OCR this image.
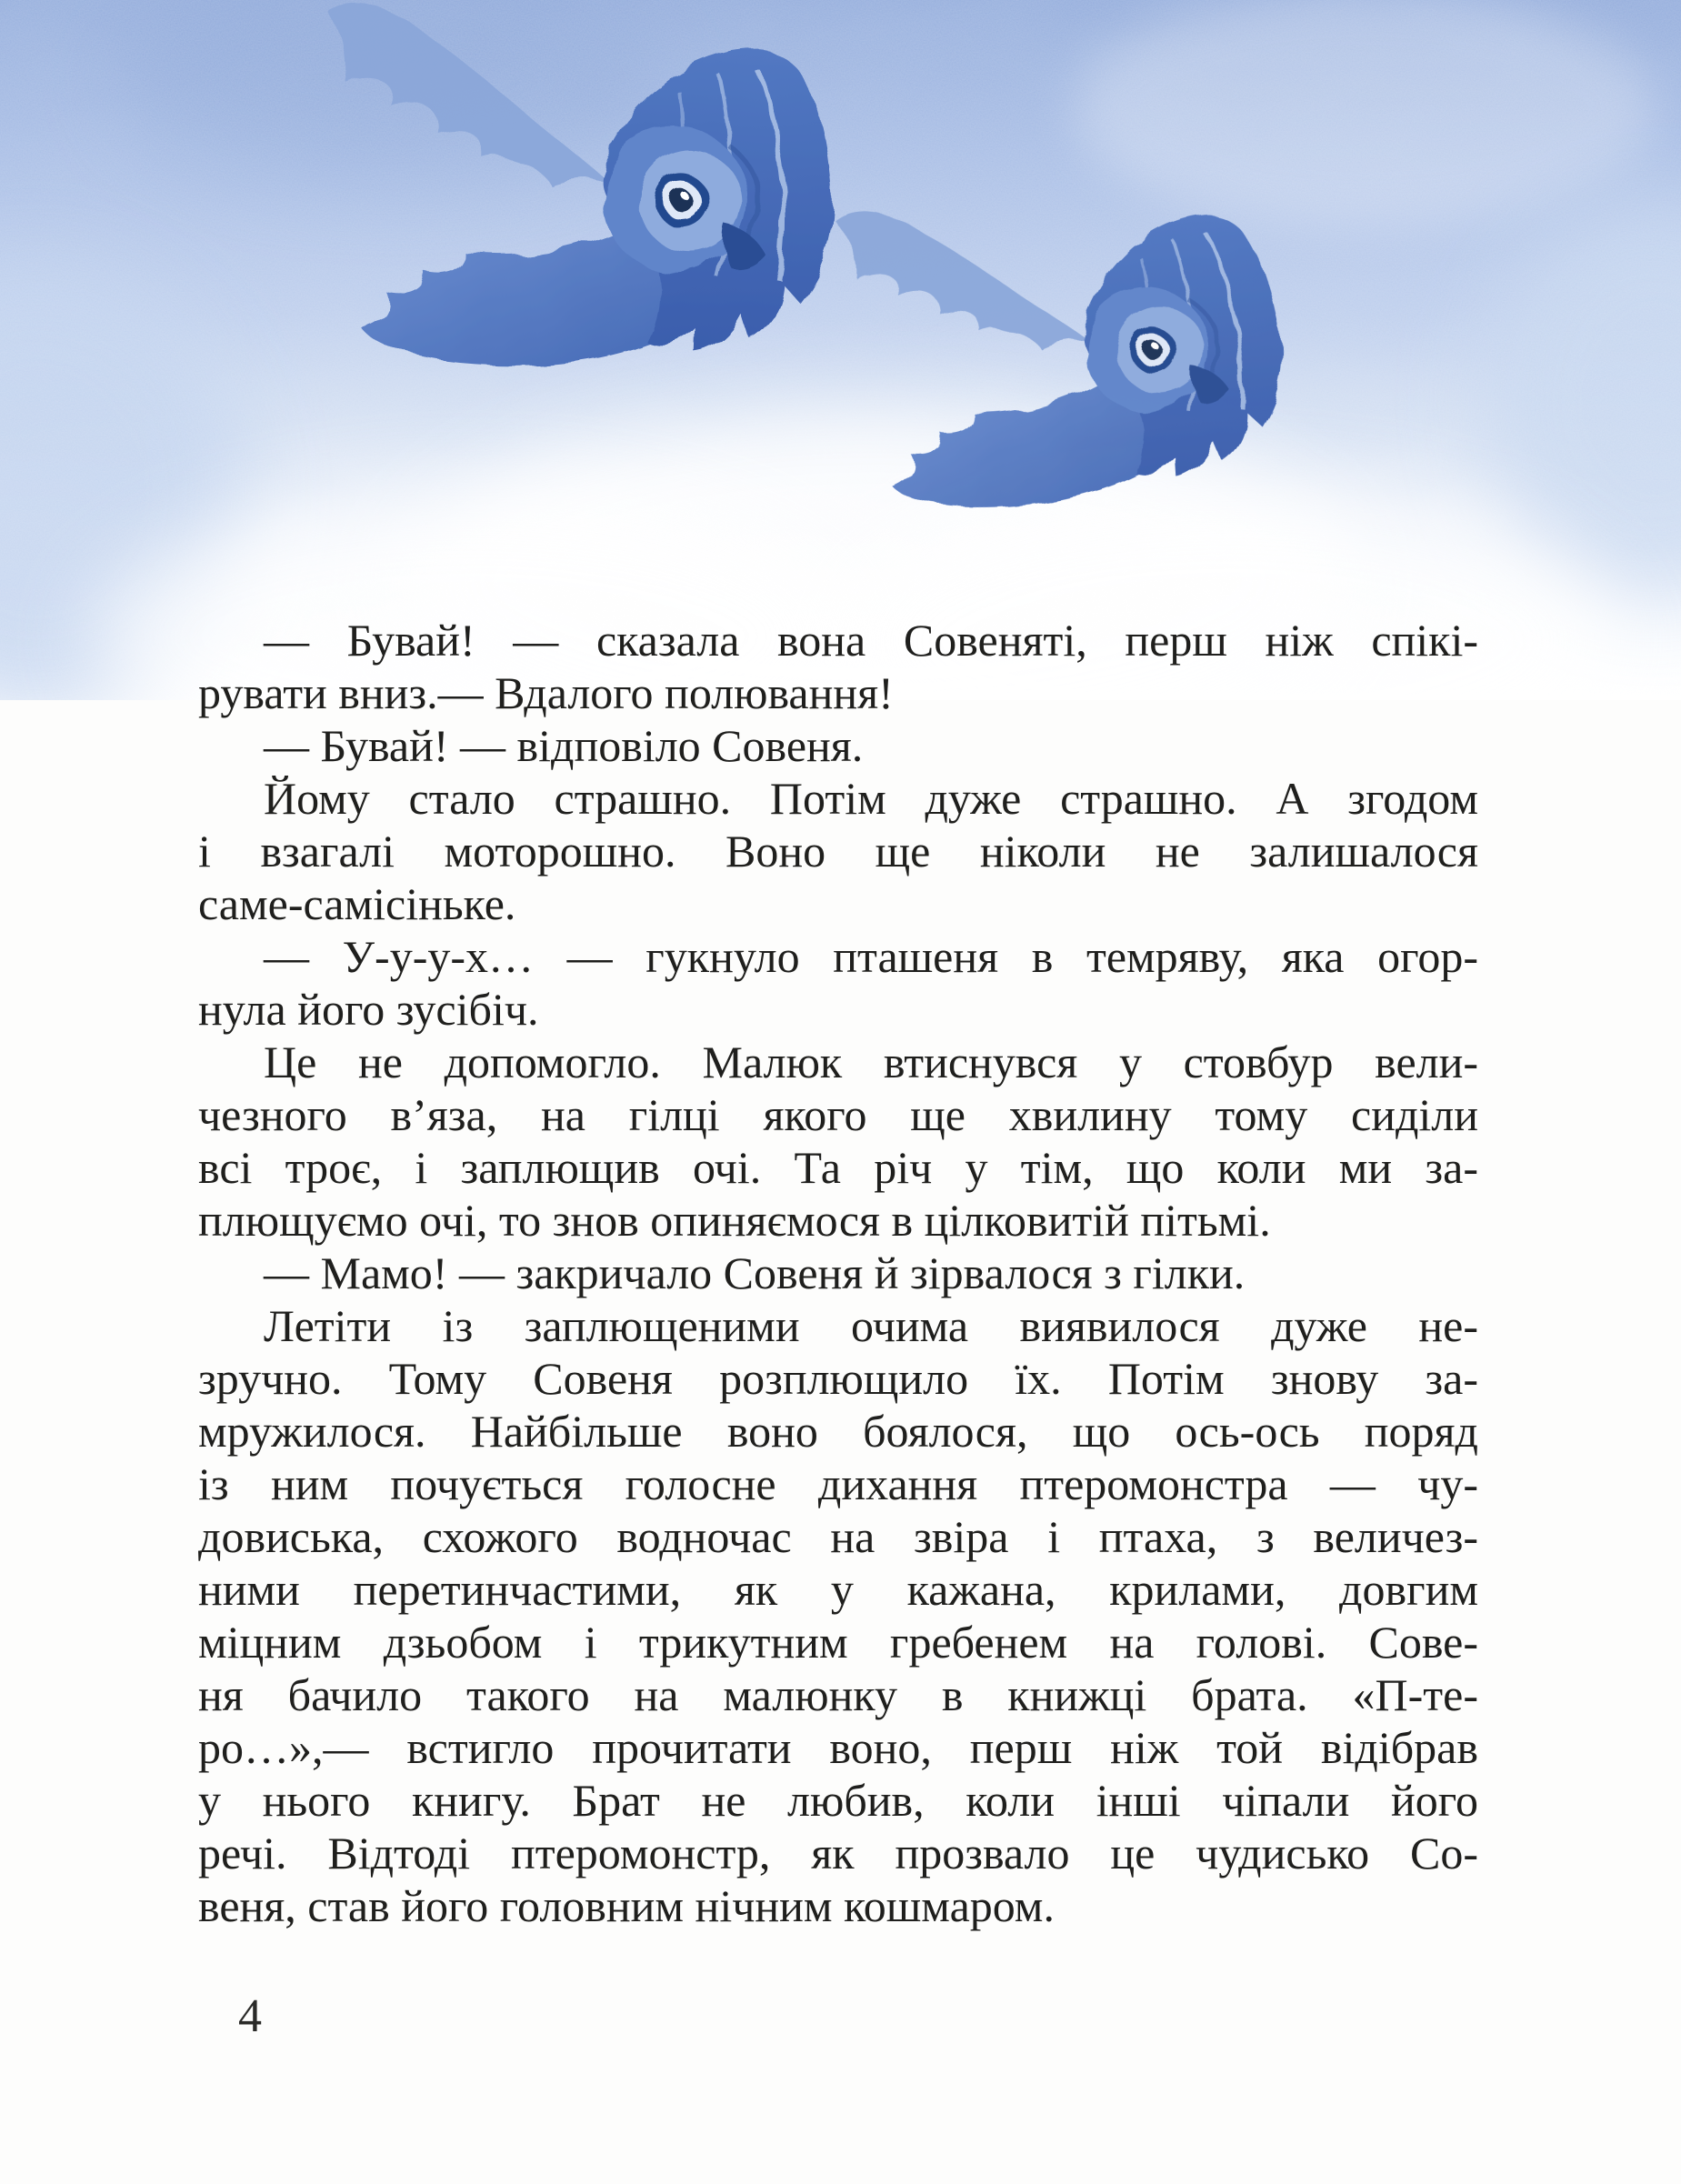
— Бувай! — сказала вона Совеняті, перш ніж спікі-
рувати вниз.— Вдалого полювання!
— Бувай! — відповіло Совеня.
Йому стало страшно. Потім дуже страшно. А згодом
і взагалі моторошно. Воно ще ніколи не залишалося
саме-самісіньке.
— У-у-у-х… — гукнуло пташеня в темряву, яка огор-
нула його зусібіч.
Це не допомогло. Малюк втиснувся у стовбур вели-
чезного в’яза, на гілці якого ще хвилину тому сиділи
всі троє, і заплющив очі. Та річ у тім, що коли ми за-
плющуємо очі, то знов опиняємося в цілковитій пітьмі.
— Мамо! — закричало Совеня й зірвалося з гілки.
Летіти із заплющеними очима виявилося дуже не-
зручно. Тому Совеня розплющило їх. Потім знову за-
мружилося. Найбільше воно боялося, що ось-ось поряд
із ним почується голосне дихання птеромонстра — чу-
довиська, схожого водночас на звіра і птаха, з величез-
ними перетинчастими, як у кажана, крилами, довгим
міцним дзьобом і трикутним гребенем на голові. Сове-
ня бачило такого на малюнку в книжці брата. «П-те-
ро…»,— встигло прочитати воно, перш ніж той відібрав
у нього книгу. Брат не любив, коли інші чіпали його
речі. Відтоді птеромонстр, як прозвало це чудисько Со-
веня, став його головним нічним кошмаром.
4
